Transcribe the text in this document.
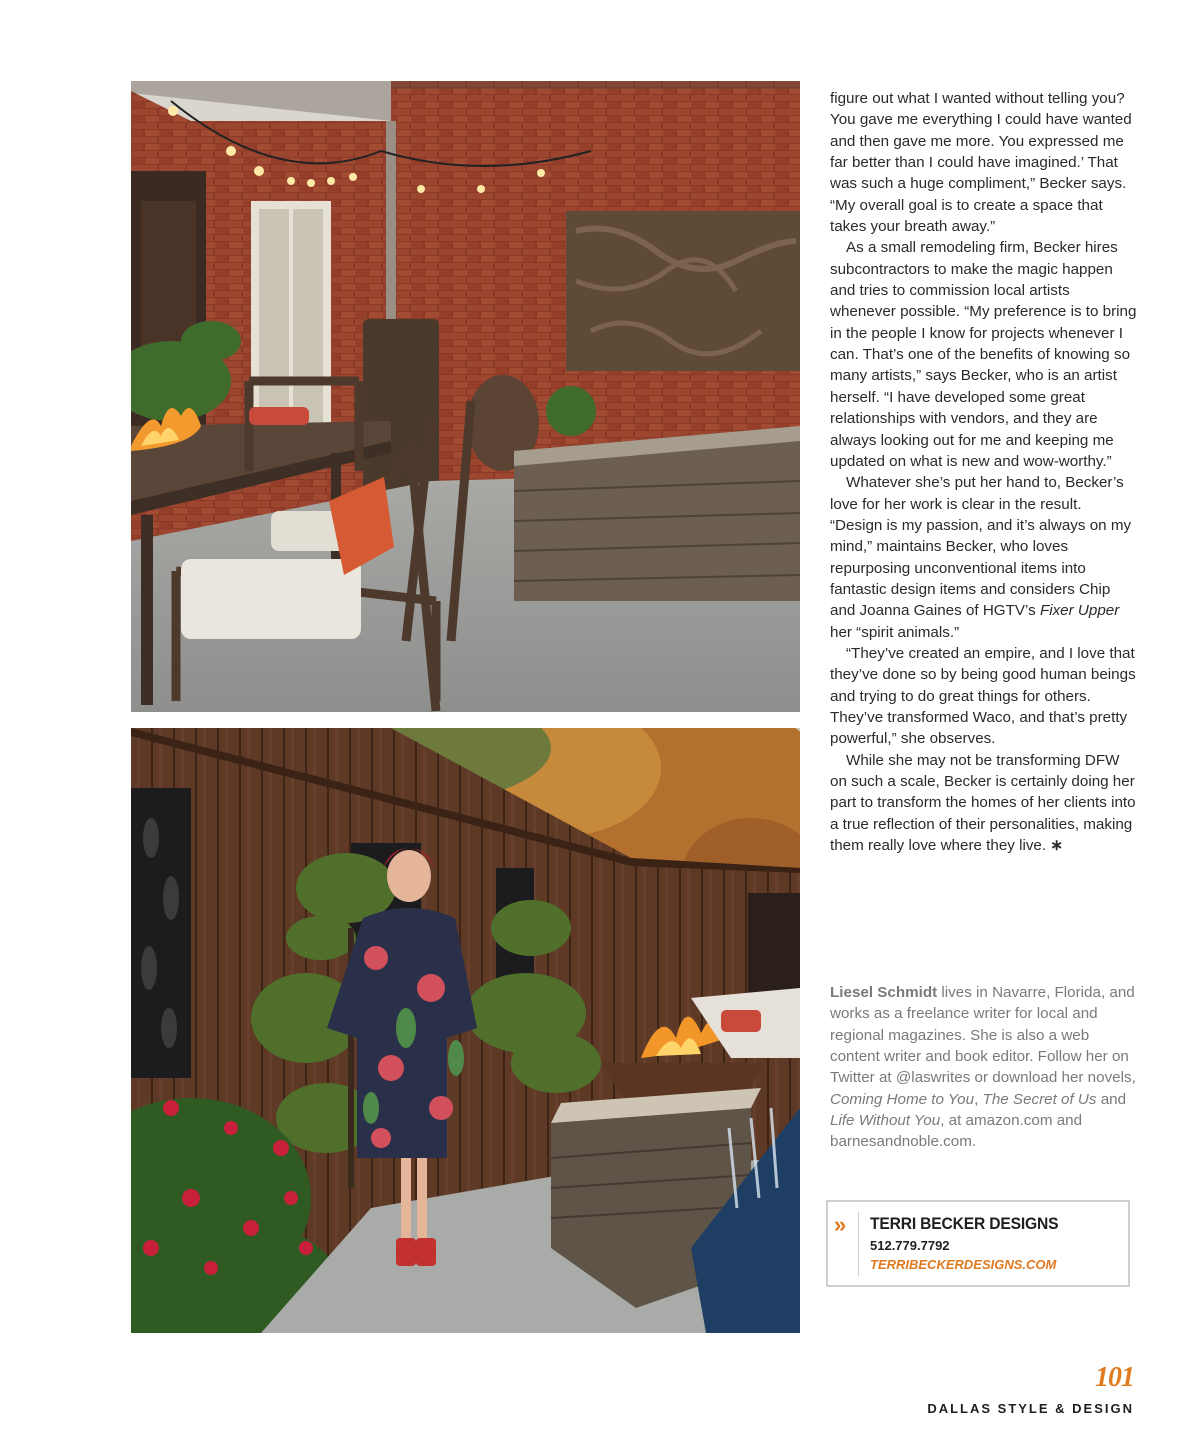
figure out what I wanted without telling you? You gave me everything I could have wanted and then gave me more. You expressed me far better than I could have imagined.’ That was such a huge compliment,” Becker says. “My overall goal is to create a space that takes your breath away.”

As a small remodeling firm, Becker hires subcontractors to make the magic happen and tries to commission local artists whenever possible. “My preference is to bring in the people I know for projects whenever I can. That’s one of the benefits of knowing so many artists,” says Becker, who is an artist herself. “I have developed some great relationships with vendors, and they are always looking out for me and keeping me updated on what is new and wow-worthy.”

Whatever she’s put her hand to, Becker’s love for her work is clear in the result. “Design is my passion, and it’s always on my mind,” maintains Becker, who loves repurposing unconventional items into fantastic design items and considers Chip and Joanna Gaines of HGTV’s Fixer Upper her “spirit animals.”

“They’ve created an empire, and I love that they’ve done so by being good human beings and trying to do great things for others. They’ve transformed Waco, and that’s pretty powerful,” she observes.

While she may not be transforming DFW on such a scale, Becker is certainly doing her part to transform the homes of her clients into a true reflection of their personalities, making them really love where they live. ∗

Liesel Schmidt lives in Navarre, Florida, and works as a freelance writer for local and regional magazines. She is also a web content writer and book editor. Follow her on Twitter at @laswrites or download her novels, Coming Home to You, The Secret of Us and Life Without You, at amazon.com and barnesandnoble.com.

» TERRI BECKER DESIGNS
512.779.7792
TERRIBECKERDESIGNS.COM
101
DALLAS STYLE & DESIGN
